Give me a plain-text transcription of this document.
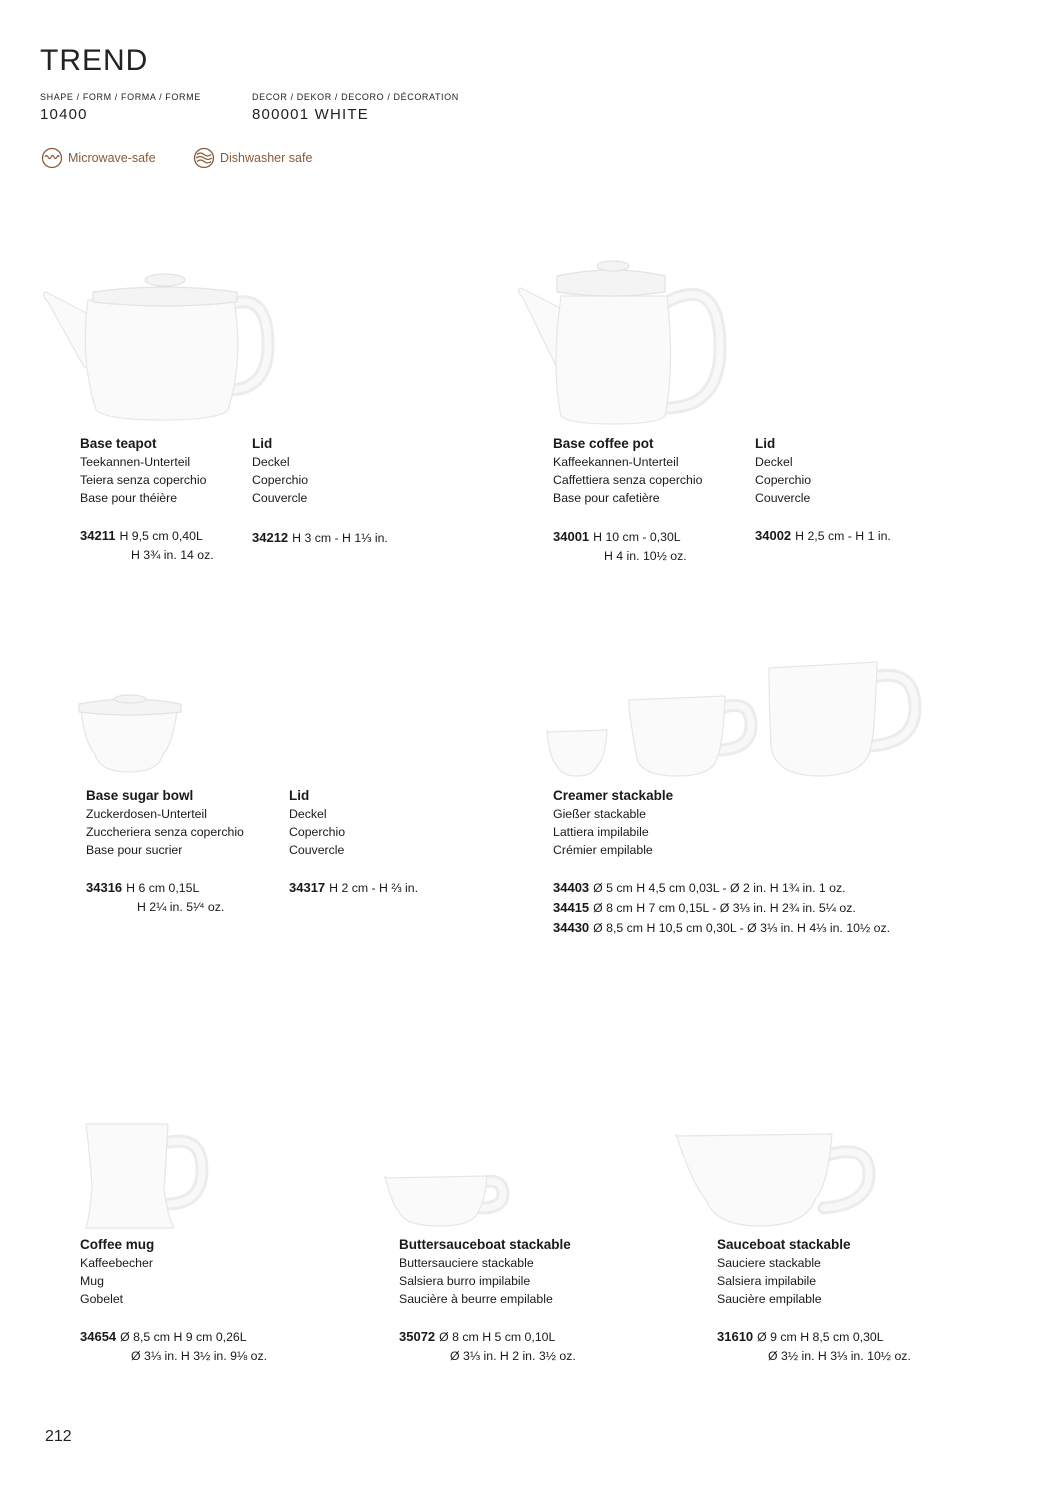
TREND
SHAPE / FORM / FORMA / FORME
10400
DECOR / DEKOR / DECORO / DÉCORATION
800001 WHITE
Microwave-safe	Dishwasher safe
Base teapot
Teekannen-Unterteil
Teiera senza coperchio
Base pour théière
34211 H 9,5 cm 0,40L
H 3¾ in. 14 oz.
Lid
Deckel
Coperchio
Couvercle
34212 H 3 cm - H 1⅓ in.
Base coffee pot
Kaffeekannen-Unterteil
Caffettiera senza coperchio
Base pour cafetière
34001 H 10 cm - 0,30L
H 4 in. 10½ oz.
Lid
Deckel
Coperchio
Couvercle
34002 H 2,5 cm - H 1 in.
Base sugar bowl
Zuckerdosen-Unterteil
Zuccheriera senza coperchio
Base pour sucrier
34316 H 6 cm 0,15L
H 2¼ in. 5¹⁄⁴ oz.
Lid
Deckel
Coperchio
Couvercle
34317 H 2 cm - H ⅔ in.
Creamer stackable
Gießer stackable
Lattiera impilabile
Crémier empilable
34403 Ø 5 cm H 4,5 cm 0,03L - Ø 2 in. H 1¾ in. 1 oz.
34415 Ø 8 cm H 7 cm 0,15L - Ø 3⅓ in. H 2¾ in. 5¼ oz.
34430 Ø 8,5 cm H 10,5 cm 0,30L - Ø 3⅓ in. H 4⅓ in. 10½ oz.
Coffee mug
Kaffeebecher
Mug
Gobelet
34654 Ø 8,5 cm H 9 cm 0,26L
Ø 3⅓ in. H 3½ in. 9⅛ oz.
Buttersauceboat stackable
Buttersauciere stackable
Salsiera burro impilabile
Saucière à beurre empilable
35072 Ø 8 cm H 5 cm 0,10L
Ø 3⅓ in. H 2 in. 3½ oz.
Sauceboat stackable
Sauciere stackable
Salsiera impilabile
Saucière empilable
31610 Ø 9 cm H 8,5 cm 0,30L
Ø 3½ in. H 3⅓ in. 10½ oz.
212
